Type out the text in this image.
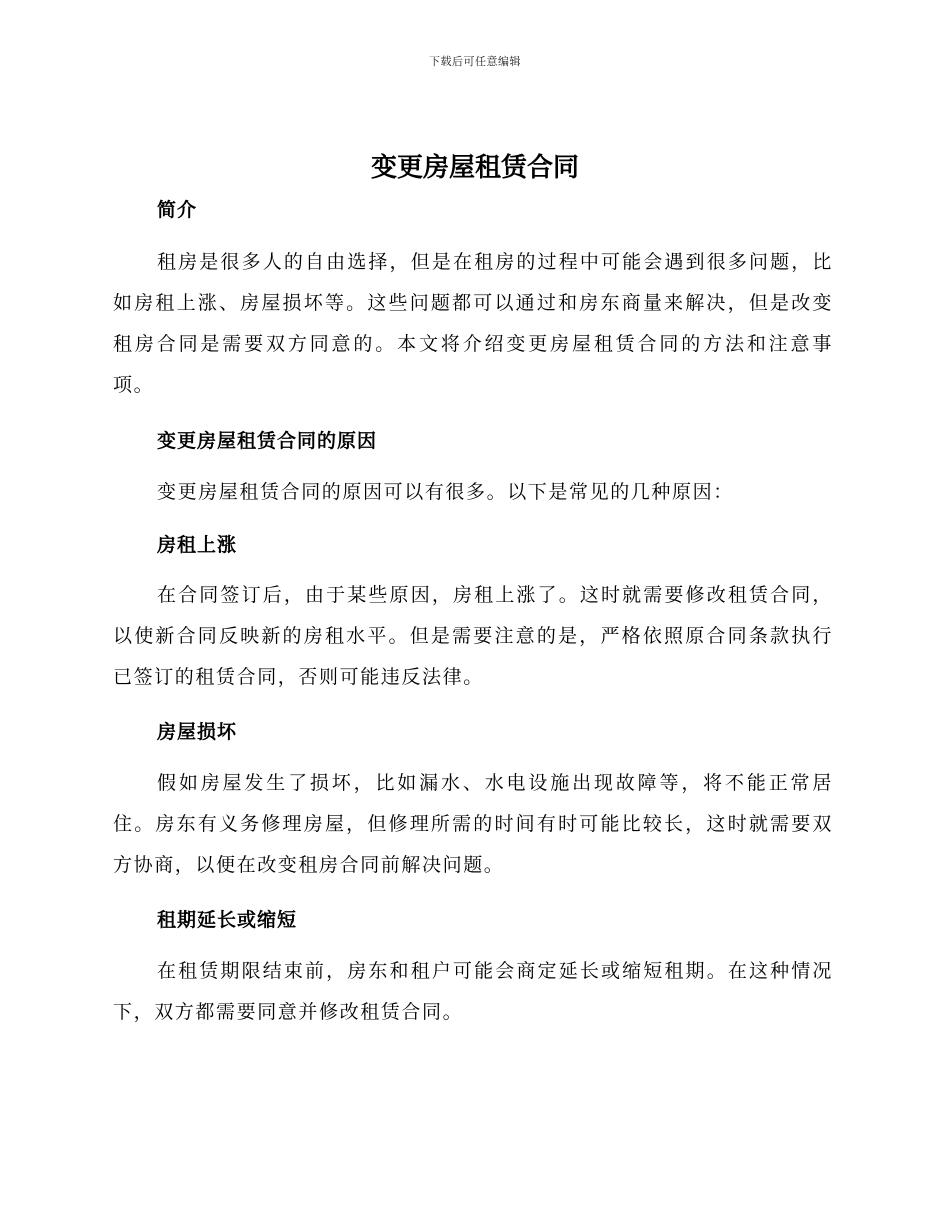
下载后可任意编辑
变更房屋租赁合同
简介

租房是很多人的自由选择，但是在租房的过程中可能会遇到很多问题，比如房租上涨、房屋损坏等。这些问题都可以通过和房东商量来解决，但是改变租房合同是需要双方同意的。本文将介绍变更房屋租赁合同的方法和注意事项。

变更房屋租赁合同的原因

变更房屋租赁合同的原因可以有很多。以下是常见的几种原因：

房租上涨

在合同签订后，由于某些原因，房租上涨了。这时就需要修改租赁合同，以使新合同反映新的房租水平。但是需要注意的是，严格依照原合同条款执行已签订的租赁合同，否则可能违反法律。

房屋损坏

假如房屋发生了损坏，比如漏水、水电设施出现故障等，将不能正常居住。房东有义务修理房屋，但修理所需的时间有时可能比较长，这时就需要双方协商，以便在改变租房合同前解决问题。

租期延长或缩短

在租赁期限结束前，房东和租户可能会商定延长或缩短租期。在这种情况下，双方都需要同意并修改租赁合同。
